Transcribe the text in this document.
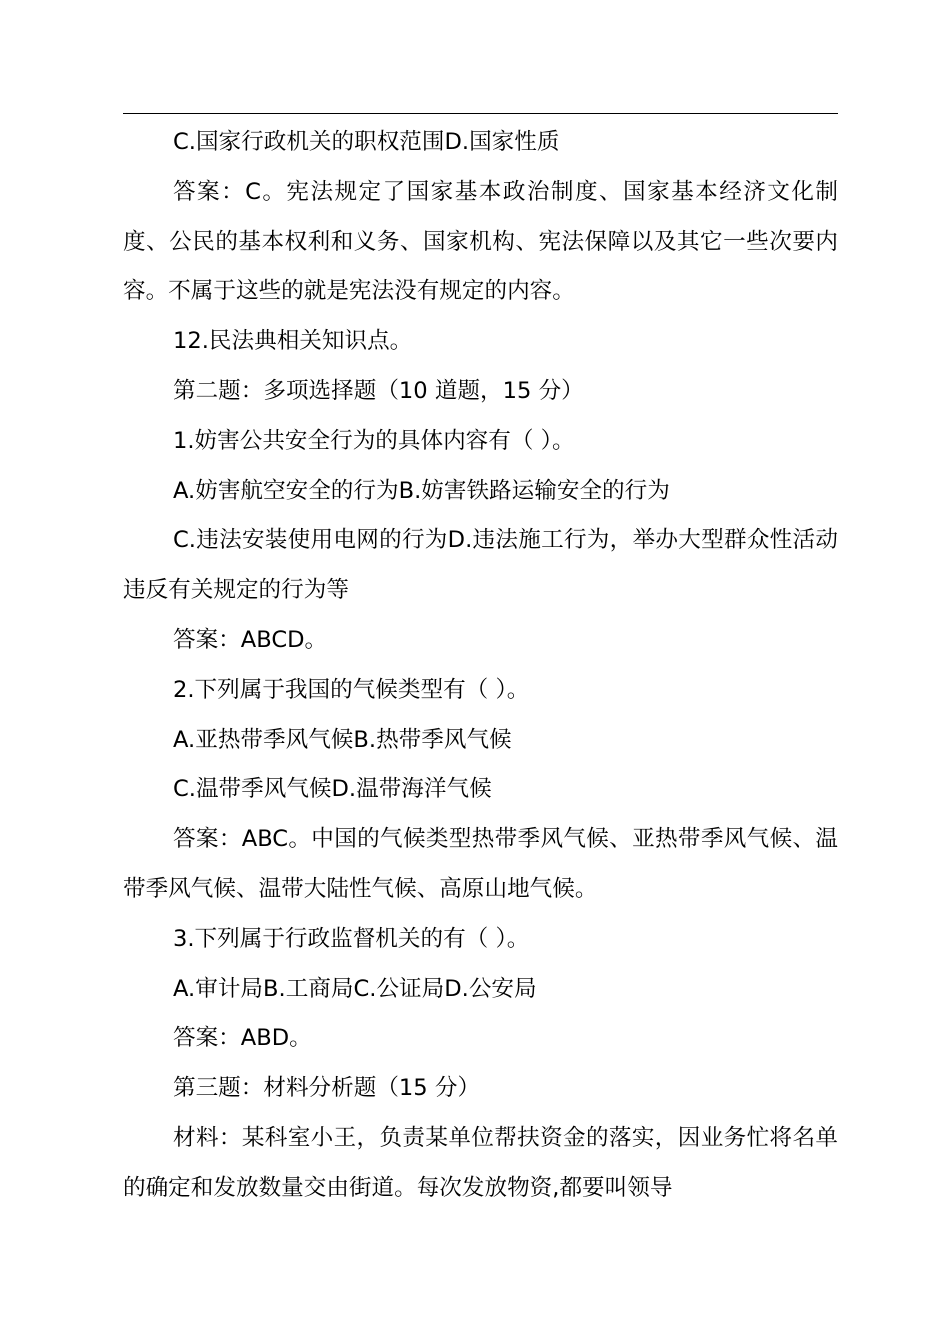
C.国家行政机关的职权范围D.国家性质

答案：C。宪法规定了国家基本政治制度、国家基本经济文化制度、公民的基本权利和义务、国家机构、宪法保障以及其它一些次要内容。不属于这些的就是宪法没有规定的内容。

12.民法典相关知识点。

第二题：多项选择题（10 道题，15 分）

1.妨害公共安全行为的具体内容有（ ）。

A.妨害航空安全的行为B.妨害铁路运输安全的行为

C.违法安装使用电网的行为D.违法施工行为，举办大型群众性活动违反有关规定的行为等

答案：ABCD。

2.下列属于我国的气候类型有（ ）。

A.亚热带季风气候B.热带季风气候

C.温带季风气候D.温带海洋气候

答案：ABC。中国的气候类型热带季风气候、亚热带季风气候、温带季风气候、温带大陆性气候、高原山地气候。

3.下列属于行政监督机关的有（ ）。

A.审计局B.工商局C.公证局D.公安局

答案：ABD。

第三题：材料分析题（15 分）

材料：某科室小王，负责某单位帮扶资金的落实，因业务忙将名单的确定和发放数量交由街道。每次发放物资,都要叫领导
